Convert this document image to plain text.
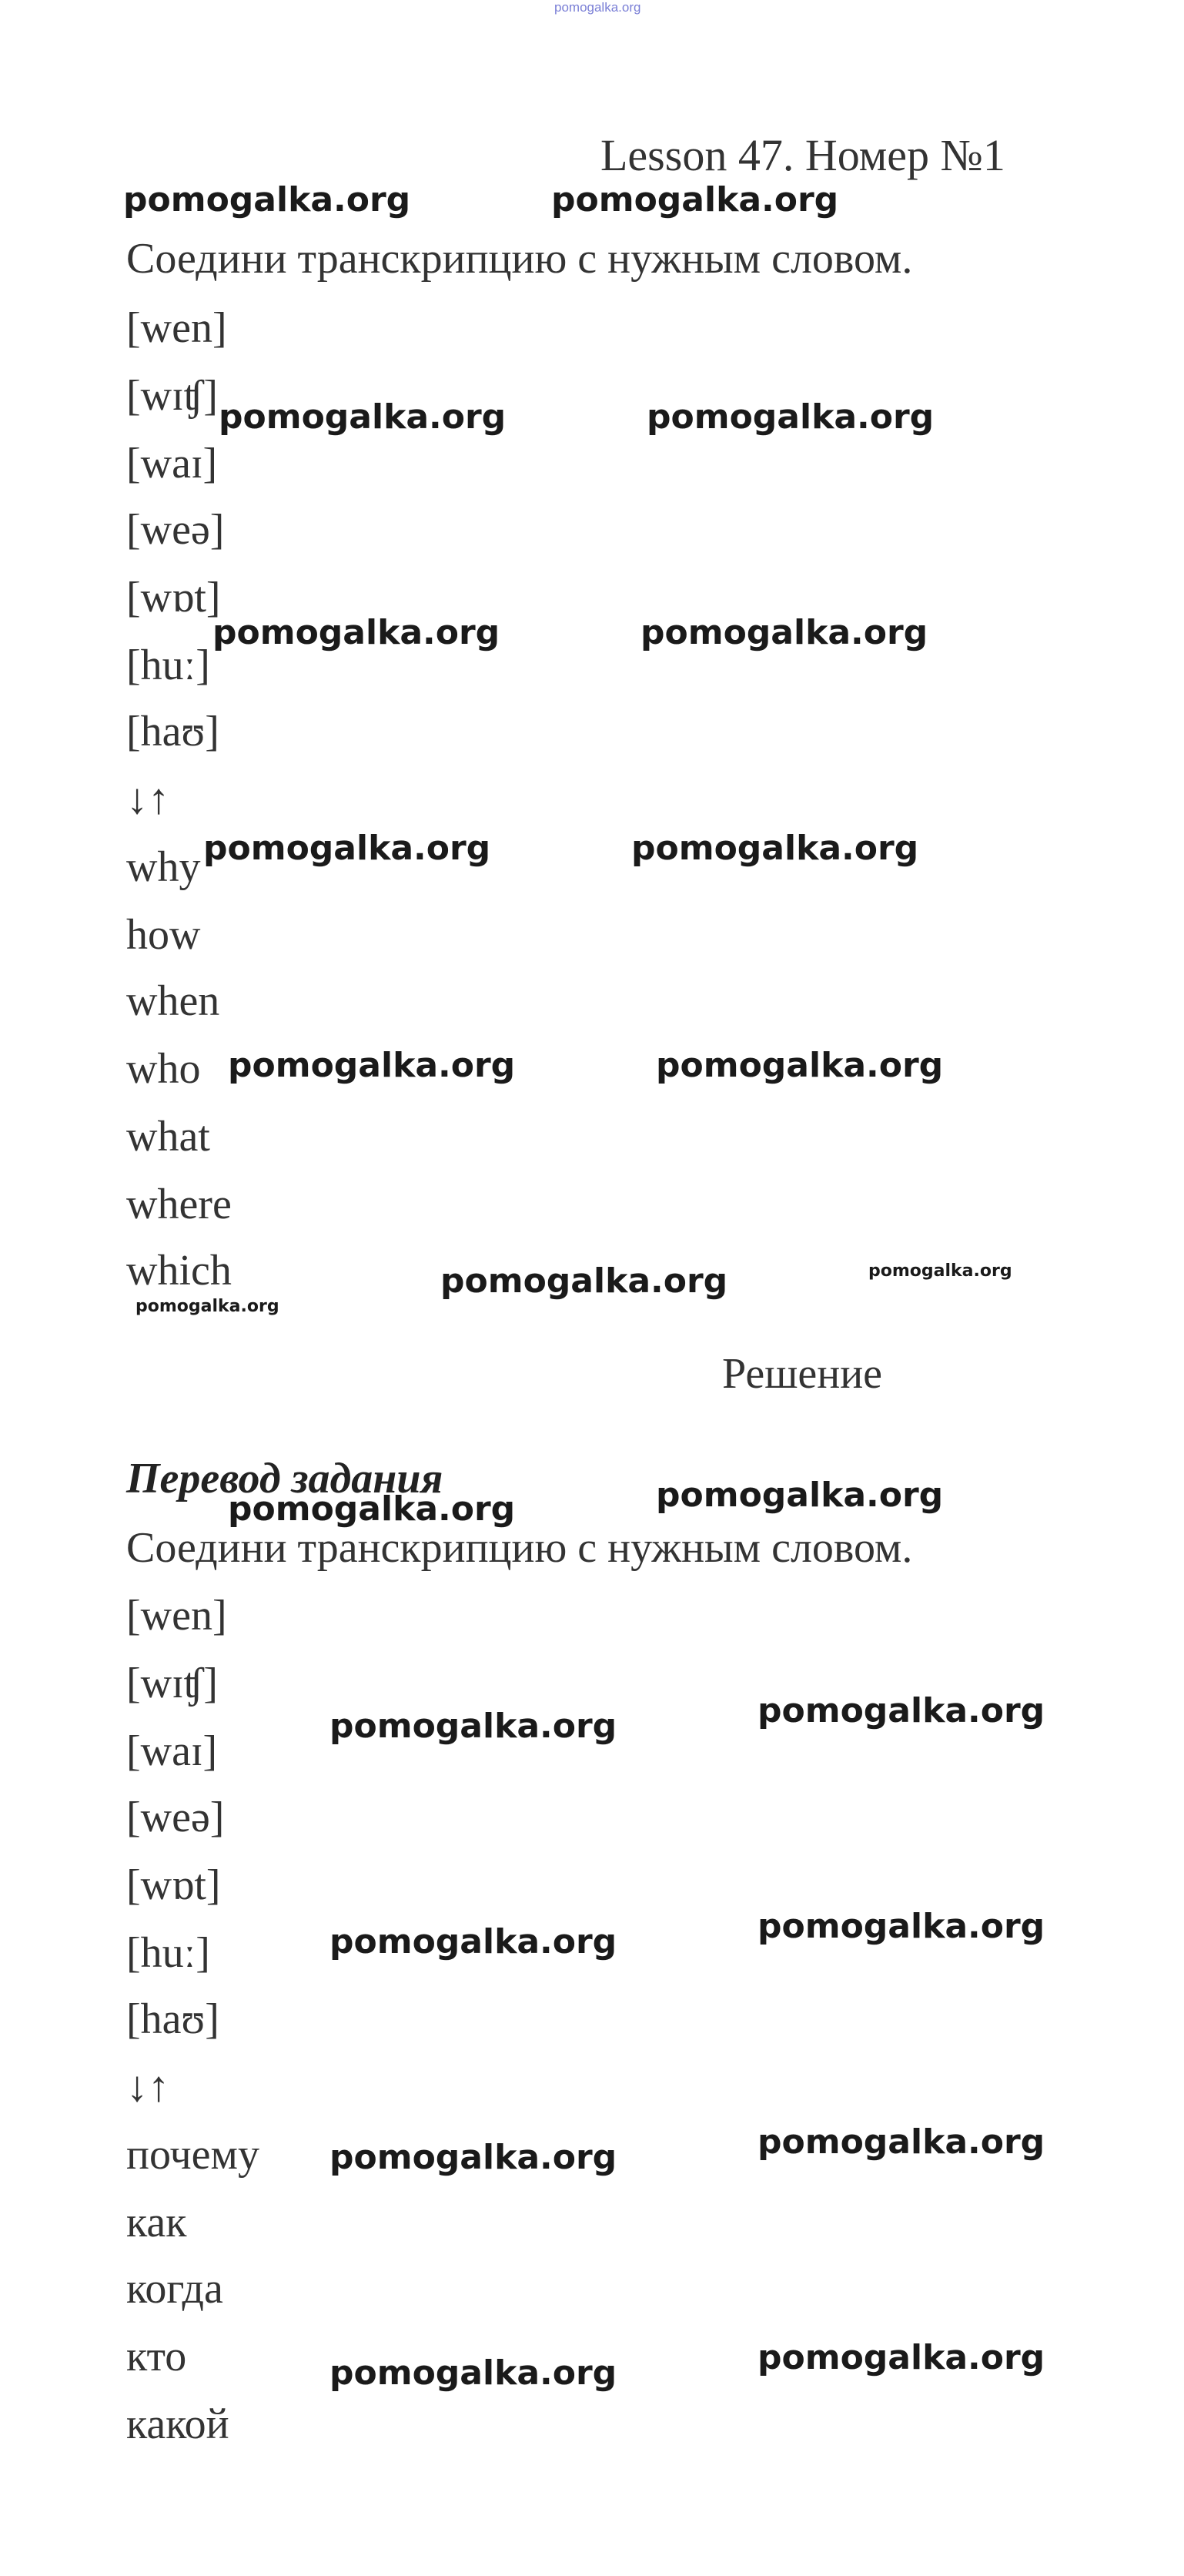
pomogalka.org
Lesson 47. Номер №1
Соедини транскрипцию с нужным словом.
[wen]
[wɪʧ]
[waɪ]
[weə]
[wɒt]
[huː]
[haʊ]
↓↑
why
how
when
who
what
where
which
Решение
Перевод задания
Соедини транскрипцию с нужным словом.
[wen]
[wɪʧ]
[waɪ]
[weə]
[wɒt]
[huː]
[haʊ]
↓↑
почему
как
когда
кто
какой
pomogalka.org	pomogalka.org
pomogalka.org	pomogalka.org
pomogalka.org	pomogalka.org
pomogalka.org	pomogalka.org
pomogalka.org	pomogalka.org
pomogalka.org	pomogalka.org
pomogalka.org
pomogalka.org	pomogalka.org
pomogalka.org	pomogalka.org
pomogalka.org	pomogalka.org
pomogalka.org	pomogalka.org
pomogalka.org	pomogalka.org
